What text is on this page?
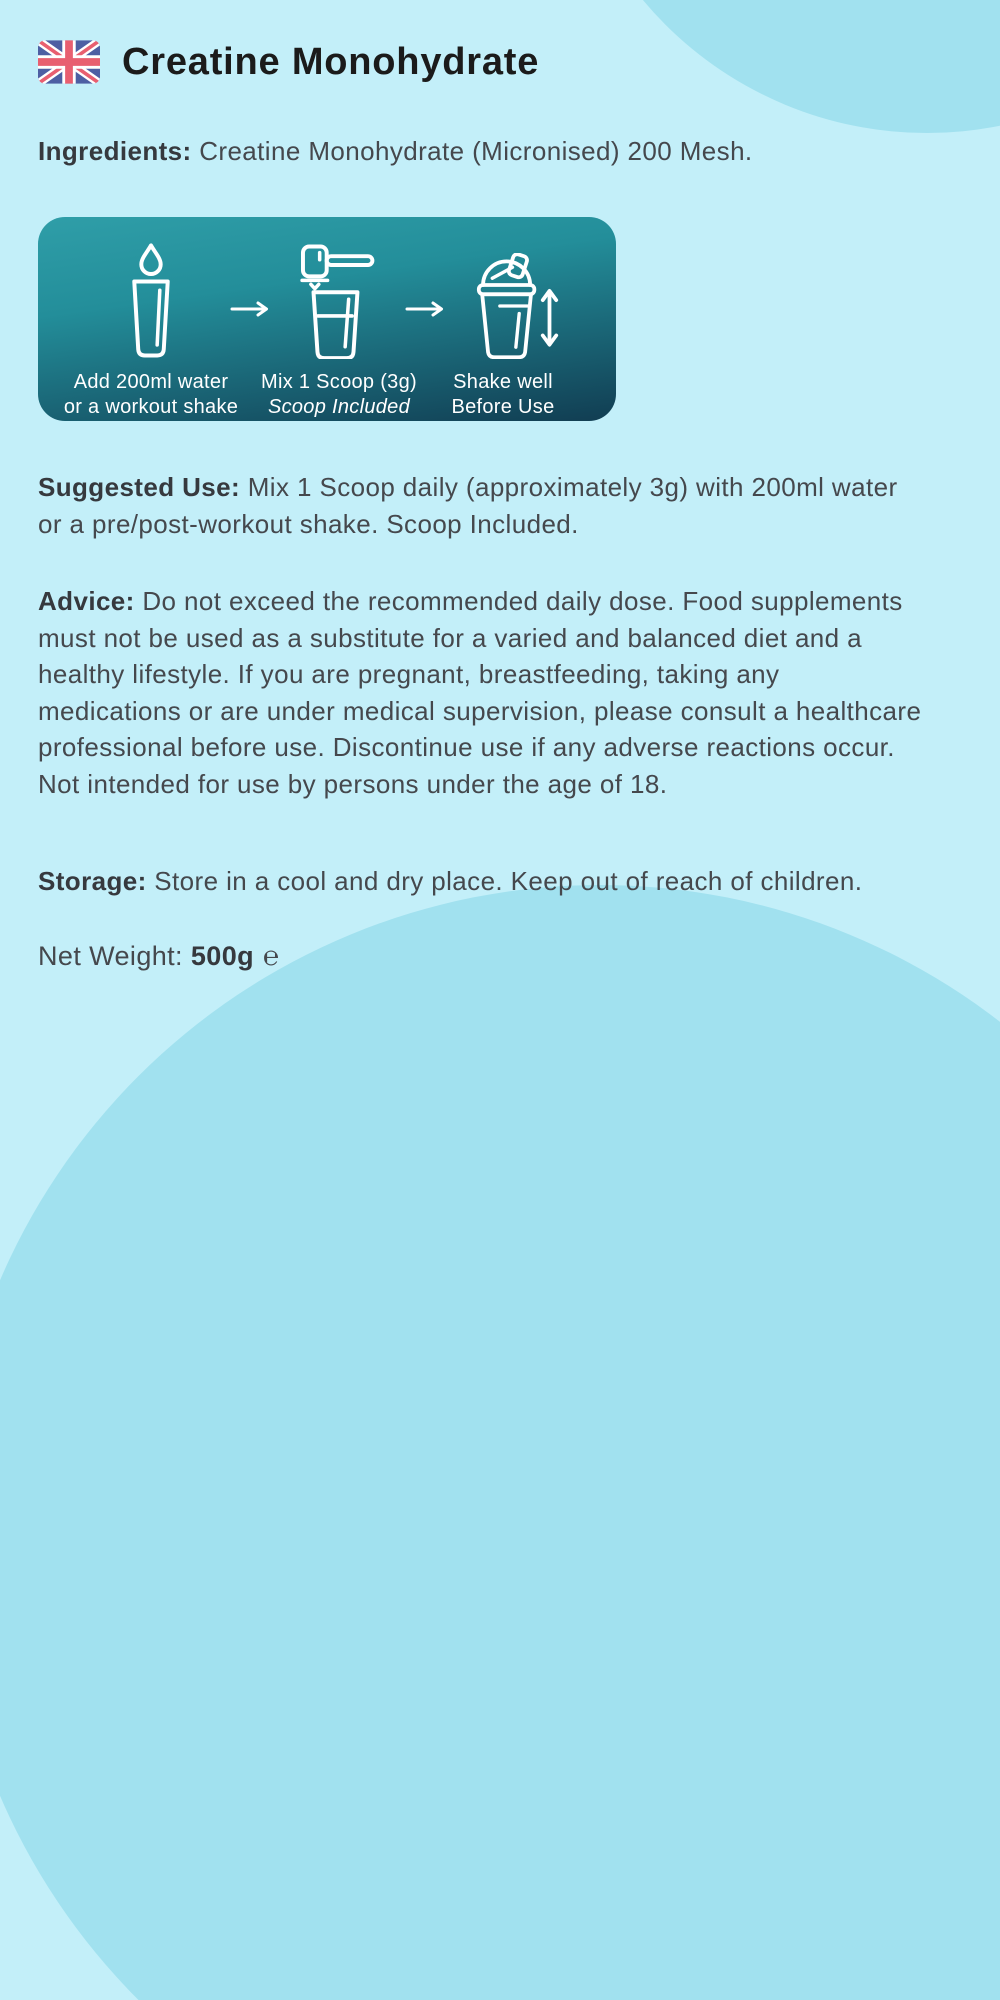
Creatine Monohydrate
Ingredients: Creatine Monohydrate (Micronised) 200 Mesh.
Add 200ml water
or a workout shake
Mix 1 Scoop (3g)
Scoop Included
Shake well
Before Use
Suggested Use: Mix 1 Scoop daily (approximately 3g) with 200ml water or a pre/post-workout shake. Scoop Included.
Advice: Do not exceed the recommended daily dose. Food supplements must not be used as a substitute for a varied and balanced diet and a healthy lifestyle. If you are pregnant, breastfeeding, taking any medications or are under medical supervision, please consult a healthcare professional before use. Discontinue use if any adverse reactions occur. Not intended for use by persons under the age of 18.
Storage: Store in a cool and dry place. Keep out of reach of children.
Net Weight: 500g ℮
